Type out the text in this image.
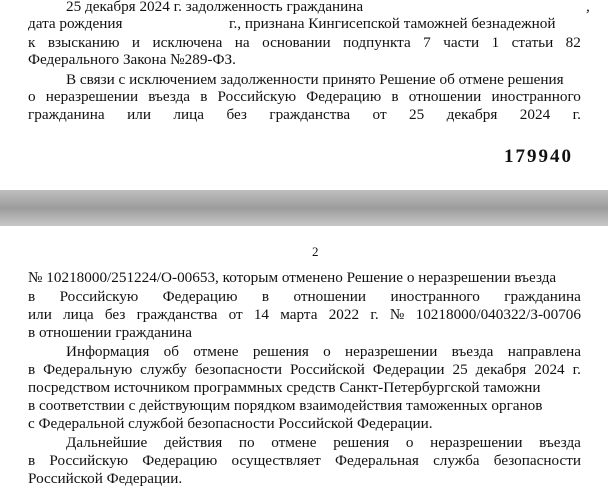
25 декабря 2024 г. задолженность гражданина	,
дата рождения	г., признана Кингисепской таможней безнадежной
к взысканию и исключена на основании подпункта 7 части 1 статьи 82
Федерального Закона №289-ФЗ.
В связи с исключением задолженности принято Решение об отмене решения
о неразрешении въезда в Российскую Федерацию в отношении иностранного
гражданина или лица без гражданства от 25 декабря 2024 г.
179940
2
№ 10218000/251224/О-00653, которым отменено Решение о неразрешении въезда
в Российскую Федерацию в отношении иностранного гражданина
или лица без гражданства от 14 марта 2022 г. № 10218000/040322/З-00706
в отношении гражданина
Информация об отмене решения о неразрешении въезда направлена
в Федеральную службу безопасности Российской Федерации 25 декабря 2024 г.
посредством источником программных средств Санкт-Петербургской таможни
в соответствии с действующим порядком взаимодействия таможенных органов
с Федеральной службой безопасности Российской Федерации.
Дальнейшие действия по отмене решения о неразрешении въезда
в Российскую Федерацию осуществляет Федеральная служба безопасности
Российской Федерации.
